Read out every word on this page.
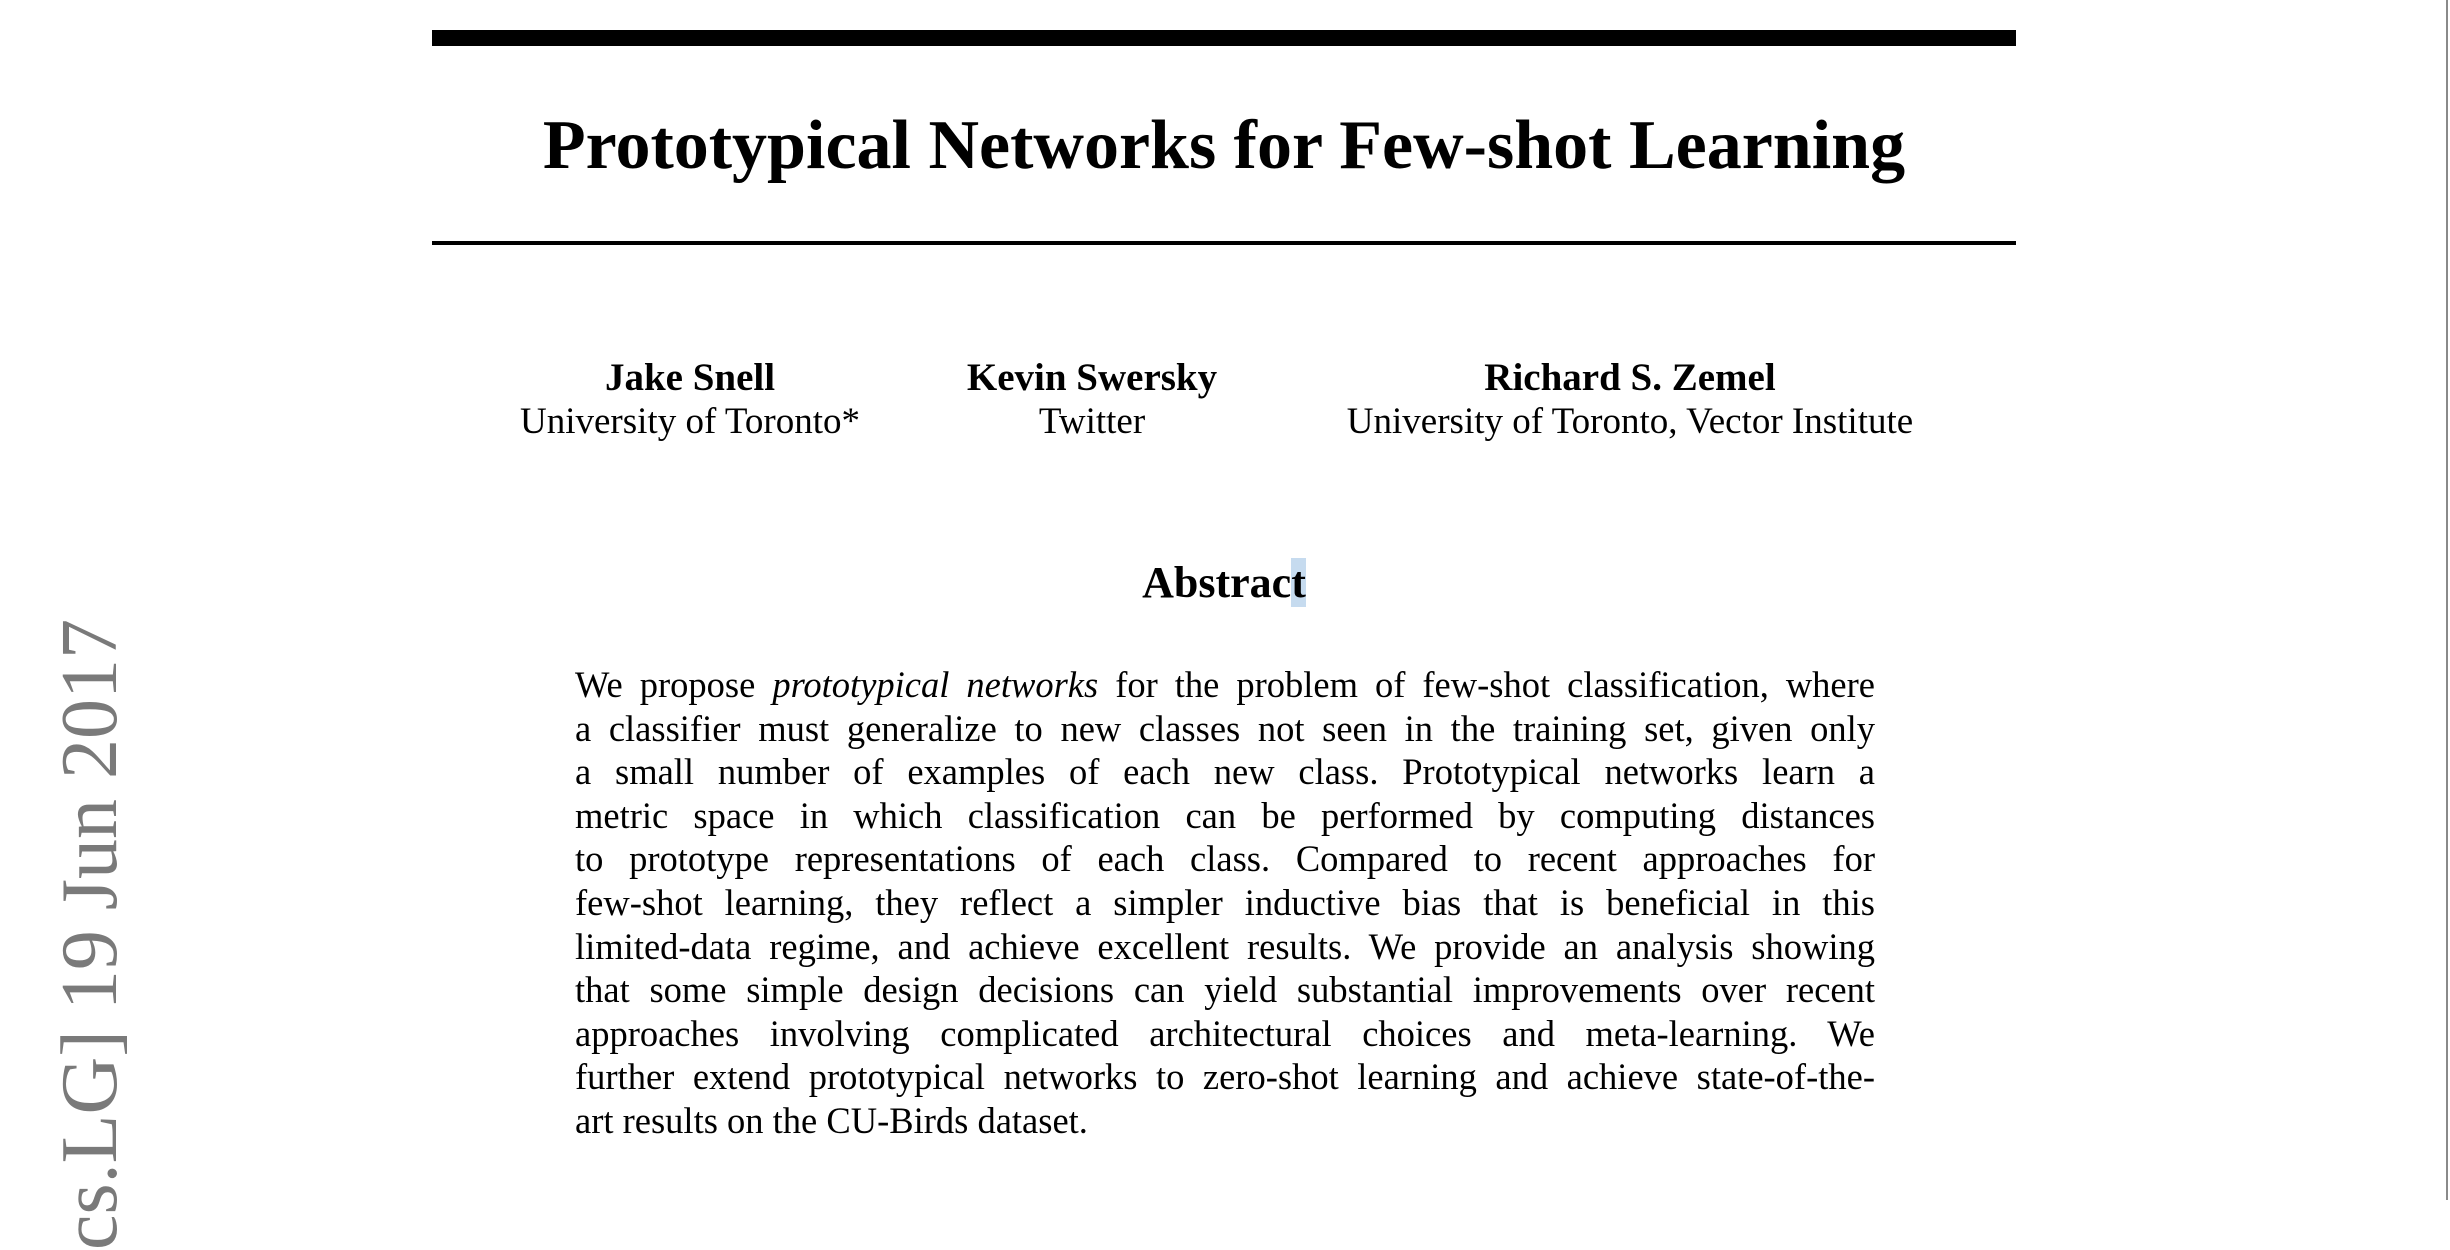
Prototypical Networks for Few-shot Learning
Jake Snell
University of Toronto*
Kevin Swersky
Twitter
Richard S. Zemel
University of Toronto, Vector Institute
Abstract
We propose prototypical networks for the problem of few-shot classification, where
a classifier must generalize to new classes not seen in the training set, given only
a small number of examples of each new class. Prototypical networks learn a
metric space in which classification can be performed by computing distances
to prototype representations of each class. Compared to recent approaches for
few-shot learning, they reflect a simpler inductive bias that is beneficial in this
limited-data regime, and achieve excellent results. We provide an analysis showing
that some simple design decisions can yield substantial improvements over recent
approaches involving complicated architectural choices and meta-learning. We
further extend prototypical networks to zero-shot learning and achieve state-of-the-
art results on the CU-Birds dataset.
cs.LG] 19 Jun 2017
